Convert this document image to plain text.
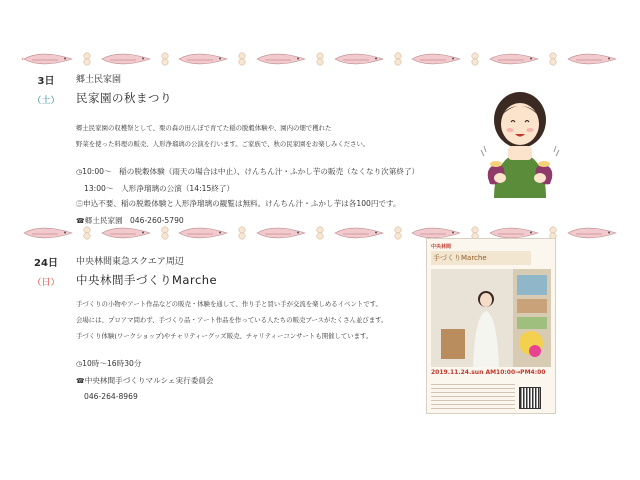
3日
（土）
郷土民家園
民家園の秋まつり

郷土民家園の収穫祭として、栗の森の田んぼで育てた稲の脱穀体験や、園内の畑で穫れた

野菜を使った料理の販売、人形浄瑠璃の公演を行います。ご家族で、秋の民家園をお楽しみください。

◷10:00～　稲の脱穀体験（雨天の場合は中止）、けんちん汁・ふかし芋の販売（なくなり次第終了）

13:00～　人形浄瑠璃の公演（14:15終了）

㊂申込不要、稲の脱穀体験と人形浄瑠璃の観覧は無料。けんちん汁・ふかし芋は各100円です。

☎郷土民家園 046-260-5790

24日
（日）
中央林間東急スクエア周辺
中央林間手づくりMarche

手づくりの小物やアート作品などの販売・体験を通して、作り手と買い手が交流を楽しめるイベントです。

会場には、プロアマ問わず、手づくり品・アート作品を作っている人たちの販売ブースがたくさん並びます。

手づくり体験(ワークショップ)やチャリティーグッズ販売、チャリティーコンサートも開催しています。

◷10時～16時30分

☎中央林間手づくりマルシェ実行委員会

046-264-8969

中央林間
手づくりMarche
2019.11.24.sun AM10:00→PM4:00
